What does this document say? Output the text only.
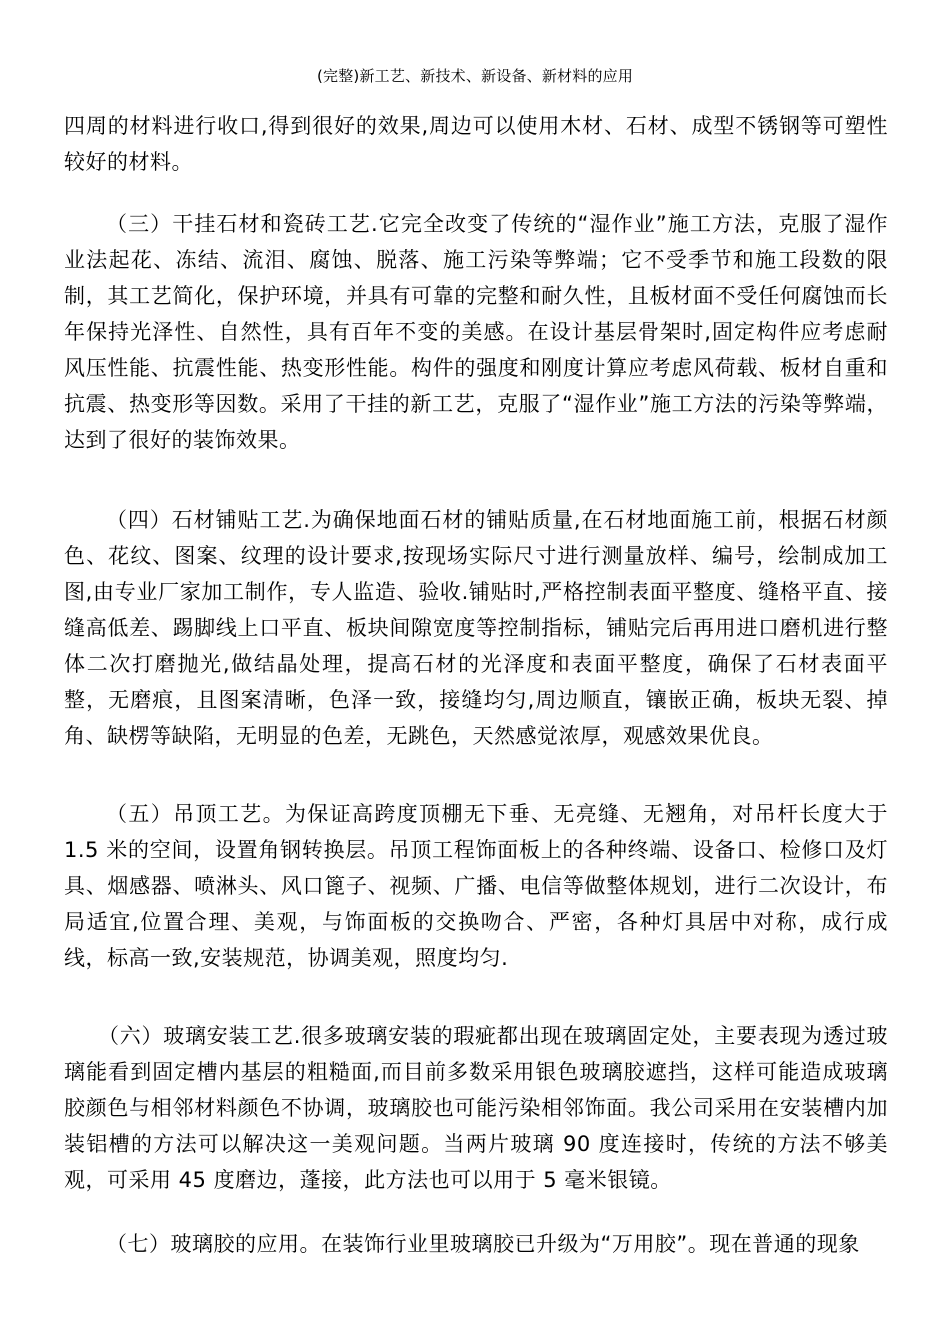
(完整)新工艺、新技术、新设备、新材料的应用

四周的材料进行收口,得到很好的效果,周边可以使用木材、石材、成型不锈钢等可塑性较好的材料。

（三）干挂石材和瓷砖工艺.它完全改变了传统的“湿作业”施工方法，克服了湿作业法起花、冻结、流泪、腐蚀、脱落、施工污染等弊端；它不受季节和施工段数的限制，其工艺简化，保护环境，并具有可靠的完整和耐久性，且板材面不受任何腐蚀而长年保持光泽性、自然性，具有百年不变的美感。在设计基层骨架时,固定构件应考虑耐风压性能、抗震性能、热变形性能。构件的强度和刚度计算应考虑风荷载、板材自重和抗震、热变形等因数。采用了干挂的新工艺，克服了“湿作业”施工方法的污染等弊端，达到了很好的装饰效果。

（四）石材铺贴工艺.为确保地面石材的铺贴质量,在石材地面施工前，根据石材颜色、花纹、图案、纹理的设计要求,按现场实际尺寸进行测量放样、编号，绘制成加工图,由专业厂家加工制作，专人监造、验收.铺贴时,严格控制表面平整度、缝格平直、接缝高低差、踢脚线上口平直、板块间隙宽度等控制指标，铺贴完后再用进口磨机进行整体二次打磨抛光,做结晶处理，提高石材的光泽度和表面平整度，确保了石材表面平整，无磨痕，且图案清晰，色泽一致，接缝均匀,周边顺直，镶嵌正确，板块无裂、掉角、缺楞等缺陷，无明显的色差，无跳色，天然感觉浓厚，观感效果优良。

（五）吊顶工艺。为保证高跨度顶棚无下垂、无亮缝、无翘角，对吊杆长度大于 1.5 米的空间，设置角钢转换层。吊顶工程饰面板上的各种终端、设备口、检修口及灯具、烟感器、喷淋头、风口篦子、视频、广播、电信等做整体规划，进行二次设计，布局适宜,位置合理、美观，与饰面板的交换吻合、严密，各种灯具居中对称，成行成线，标高一致,安装规范，协调美观，照度均匀.

（六）玻璃安装工艺.很多玻璃安装的瑕疵都出现在玻璃固定处，主要表现为透过玻璃能看到固定槽内基层的粗糙面,而目前多数采用银色玻璃胶遮挡，这样可能造成玻璃胶颜色与相邻材料颜色不协调，玻璃胶也可能污染相邻饰面。我公司采用在安装槽内加装铝槽的方法可以解决这一美观问题。当两片玻璃 90 度连接时，传统的方法不够美观，可采用 45 度磨边，蓬接，此方法也可以用于 5 毫米银镜。

（七）玻璃胶的应用。在装饰行业里玻璃胶已升级为“万用胶”。现在普通的现象
